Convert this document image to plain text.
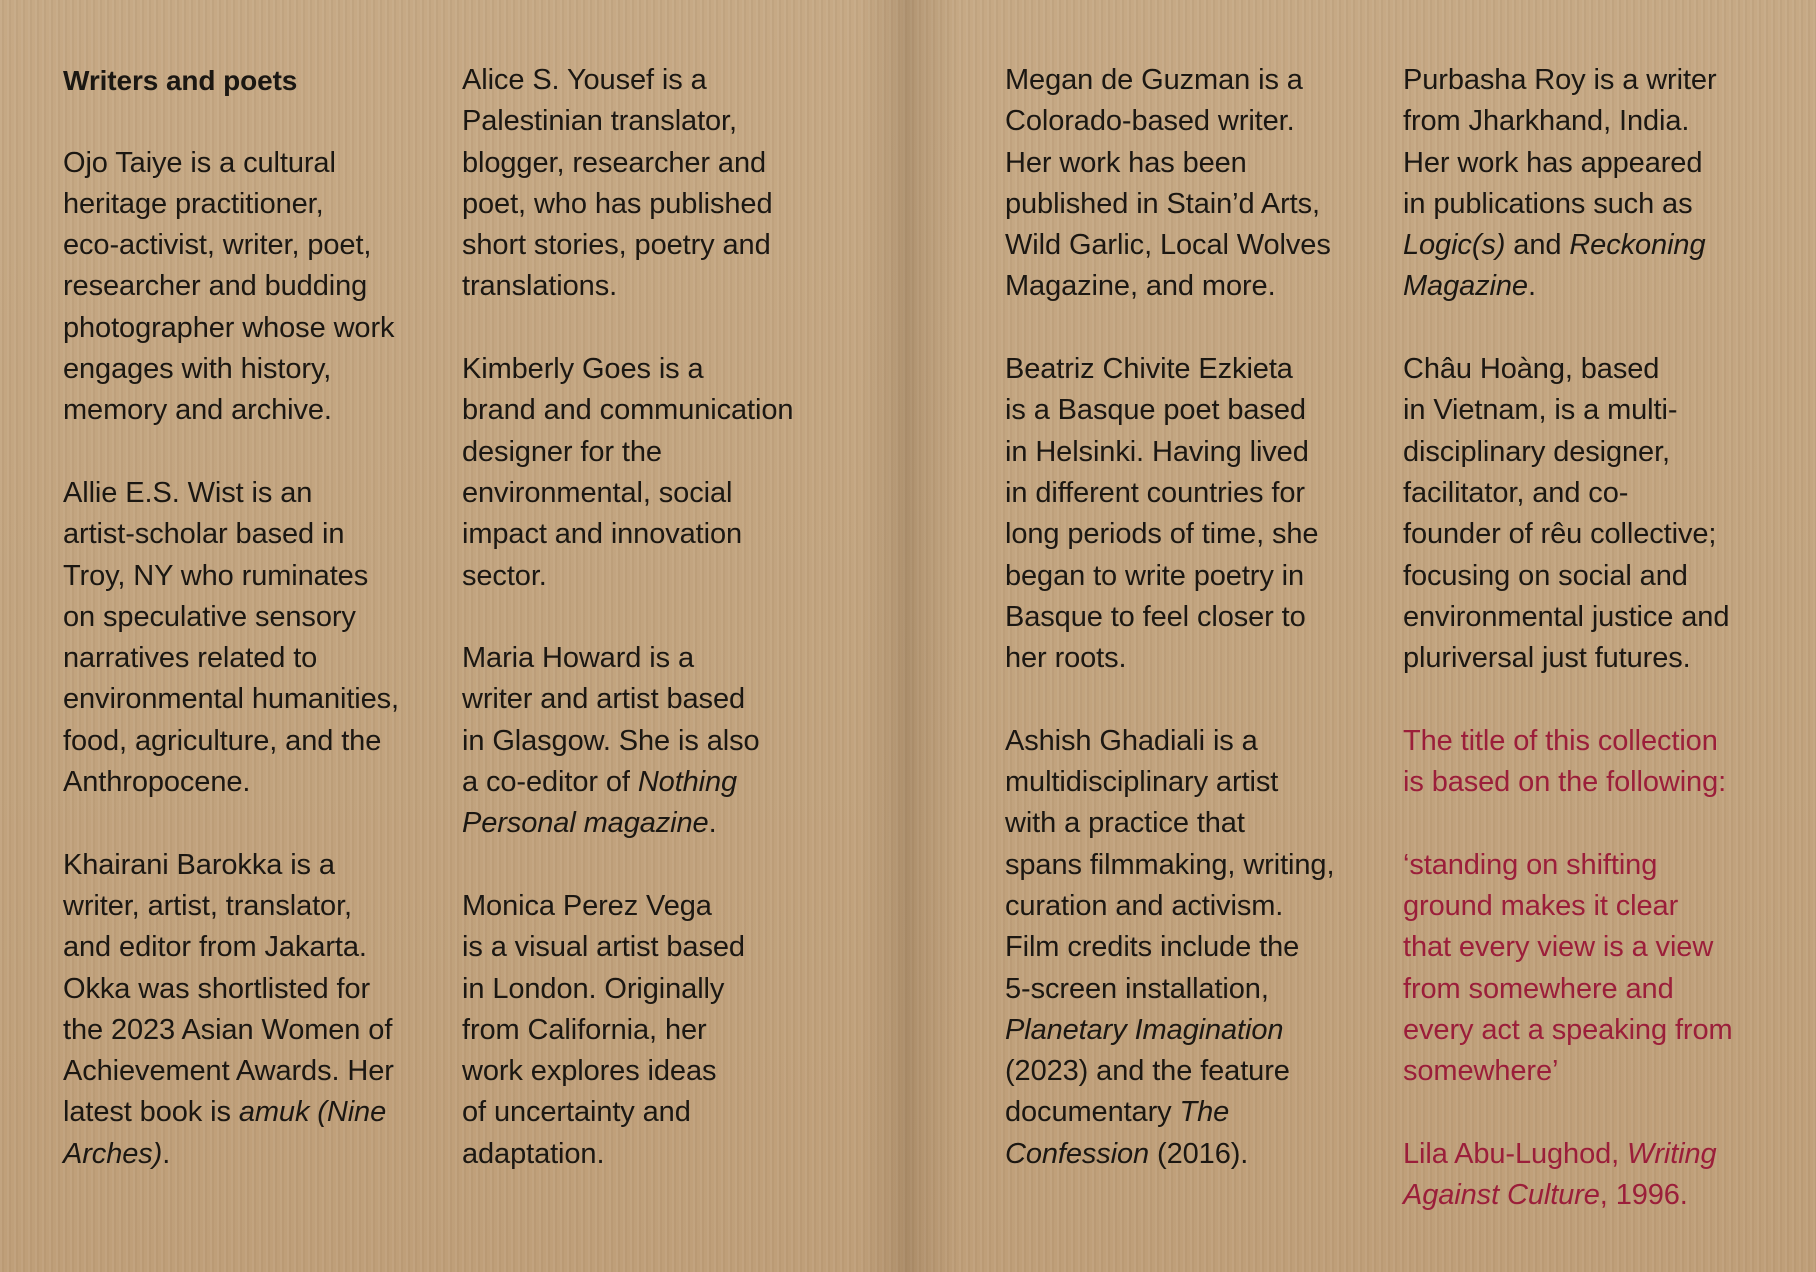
Writers and poets

Ojo Taiye is a cultural
heritage practitioner,
eco-activist, writer, poet,
researcher and budding
photographer whose work
engages with history,
memory and archive.

Allie E.S. Wist is an
artist-scholar based in
Troy, NY who ruminates
on speculative sensory
narratives related to
environmental humanities,
food, agriculture, and the
Anthropocene.

Khairani Barokka is a
writer, artist, translator,
and editor from Jakarta.
Okka was shortlisted for
the 2023 Asian Women of
Achievement Awards. Her
latest book is amuk (Nine
Arches).

Alice S. Yousef is a
Palestinian translator,
blogger, researcher and
poet, who has published
short stories, poetry and
translations.

Kimberly Goes is a
brand and communication
designer for the
environmental, social
impact and innovation
sector.

Maria Howard is a
writer and artist based
in Glasgow. She is also
a co-editor of Nothing
Personal magazine.

Monica Perez Vega
is a visual artist based
in London. Originally
from California, her
work explores ideas
of uncertainty and
adaptation.

Megan de Guzman is a
Colorado-based writer.
Her work has been
published in Stain’d Arts,
Wild Garlic, Local Wolves
Magazine, and more.

Beatriz Chivite Ezkieta
is a Basque poet based
in Helsinki. Having lived
in different countries for
long periods of time, she
began to write poetry in
Basque to feel closer to
her roots.

Ashish Ghadiali is a
multidisciplinary artist
with a practice that
spans filmmaking, writing,
curation and activism.
Film credits include the
5-screen installation,
Planetary Imagination
(2023) and the feature
documentary The
Confession (2016).

Purbasha Roy is a writer
from Jharkhand, India.
Her work has appeared
in publications such as
Logic(s) and Reckoning
Magazine.

Châu Hoàng, based
in Vietnam, is a multi-
disciplinary designer,
facilitator, and co-
founder of rêu collective;
focusing on social and
environmental justice and
pluriversal just futures.

The title of this collection
is based on the following:

‘standing on shifting
ground makes it clear
that every view is a view
from somewhere and
every act a speaking from
somewhere’

Lila Abu-Lughod, Writing
Against Culture, 1996.
